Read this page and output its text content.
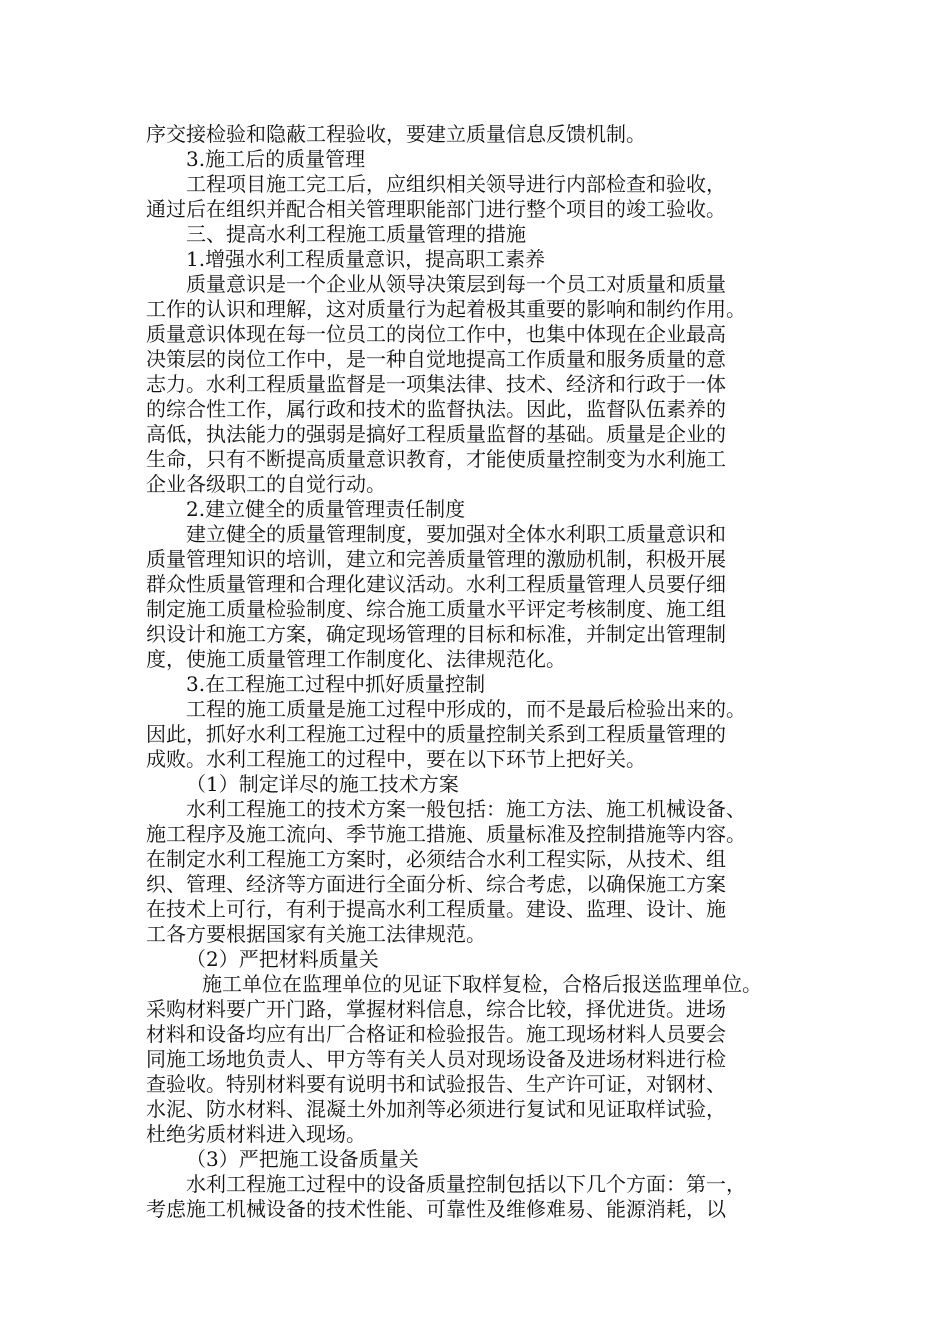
序交接检验和隐蔽工程验收，要建立质量信息反馈机制。
3.施工后的质量管理
工程项目施工完工后，应组织相关领导进行内部检查和验收，
通过后在组织并配合相关管理职能部门进行整个项目的竣工验收。
三、提高水利工程施工质量管理的措施
1.增强水利工程质量意识，提高职工素养
质量意识是一个企业从领导决策层到每一个员工对质量和质量
工作的认识和理解，这对质量行为起着极其重要的影响和制约作用。
质量意识体现在每一位员工的岗位工作中，也集中体现在企业最高
决策层的岗位工作中，是一种自觉地提高工作质量和服务质量的意
志力。水利工程质量监督是一项集法律、技术、经济和行政于一体
的综合性工作，属行政和技术的监督执法。因此，监督队伍素养的
高低，执法能力的强弱是搞好工程质量监督的基础。质量是企业的
生命，只有不断提高质量意识教育，才能使质量控制变为水利施工
企业各级职工的自觉行动。
2.建立健全的质量管理责任制度
建立健全的质量管理制度，要加强对全体水利职工质量意识和
质量管理知识的培训，建立和完善质量管理的激励机制，积极开展
群众性质量管理和合理化建议活动。水利工程质量管理人员要仔细
制定施工质量检验制度、综合施工质量水平评定考核制度、施工组
织设计和施工方案，确定现场管理的目标和标准，并制定出管理制
度，使施工质量管理工作制度化、法律规范化。
3.在工程施工过程中抓好质量控制
工程的施工质量是施工过程中形成的，而不是最后检验出来的。
因此，抓好水利工程施工过程中的质量控制关系到工程质量管理的
成败。水利工程施工的过程中，要在以下环节上把好关。
（1）制定详尽的施工技术方案
水利工程施工的技术方案一般包括：施工方法、施工机械设备、
施工程序及施工流向、季节施工措施、质量标准及控制措施等内容。
在制定水利工程施工方案时，必须结合水利工程实际，从技术、组
织、管理、经济等方面进行全面分析、综合考虑，以确保施工方案
在技术上可行，有利于提高水利工程质量。建设、监理、设计、施
工各方要根据国家有关施工法律规范。
（2）严把材料质量关
施工单位在监理单位的见证下取样复检，合格后报送监理单位。
采购材料要广开门路，掌握材料信息，综合比较，择优进货。进场
材料和设备均应有出厂合格证和检验报告。施工现场材料人员要会
同施工场地负责人、甲方等有关人员对现场设备及进场材料进行检
查验收。特别材料要有说明书和试验报告、生产许可证，对钢材、
水泥、防水材料、混凝土外加剂等必须进行复试和见证取样试验，
杜绝劣质材料进入现场。
（3）严把施工设备质量关
水利工程施工过程中的设备质量控制包括以下几个方面：第一，
考虑施工机械设备的技术性能、可靠性及维修难易、能源消耗，以
